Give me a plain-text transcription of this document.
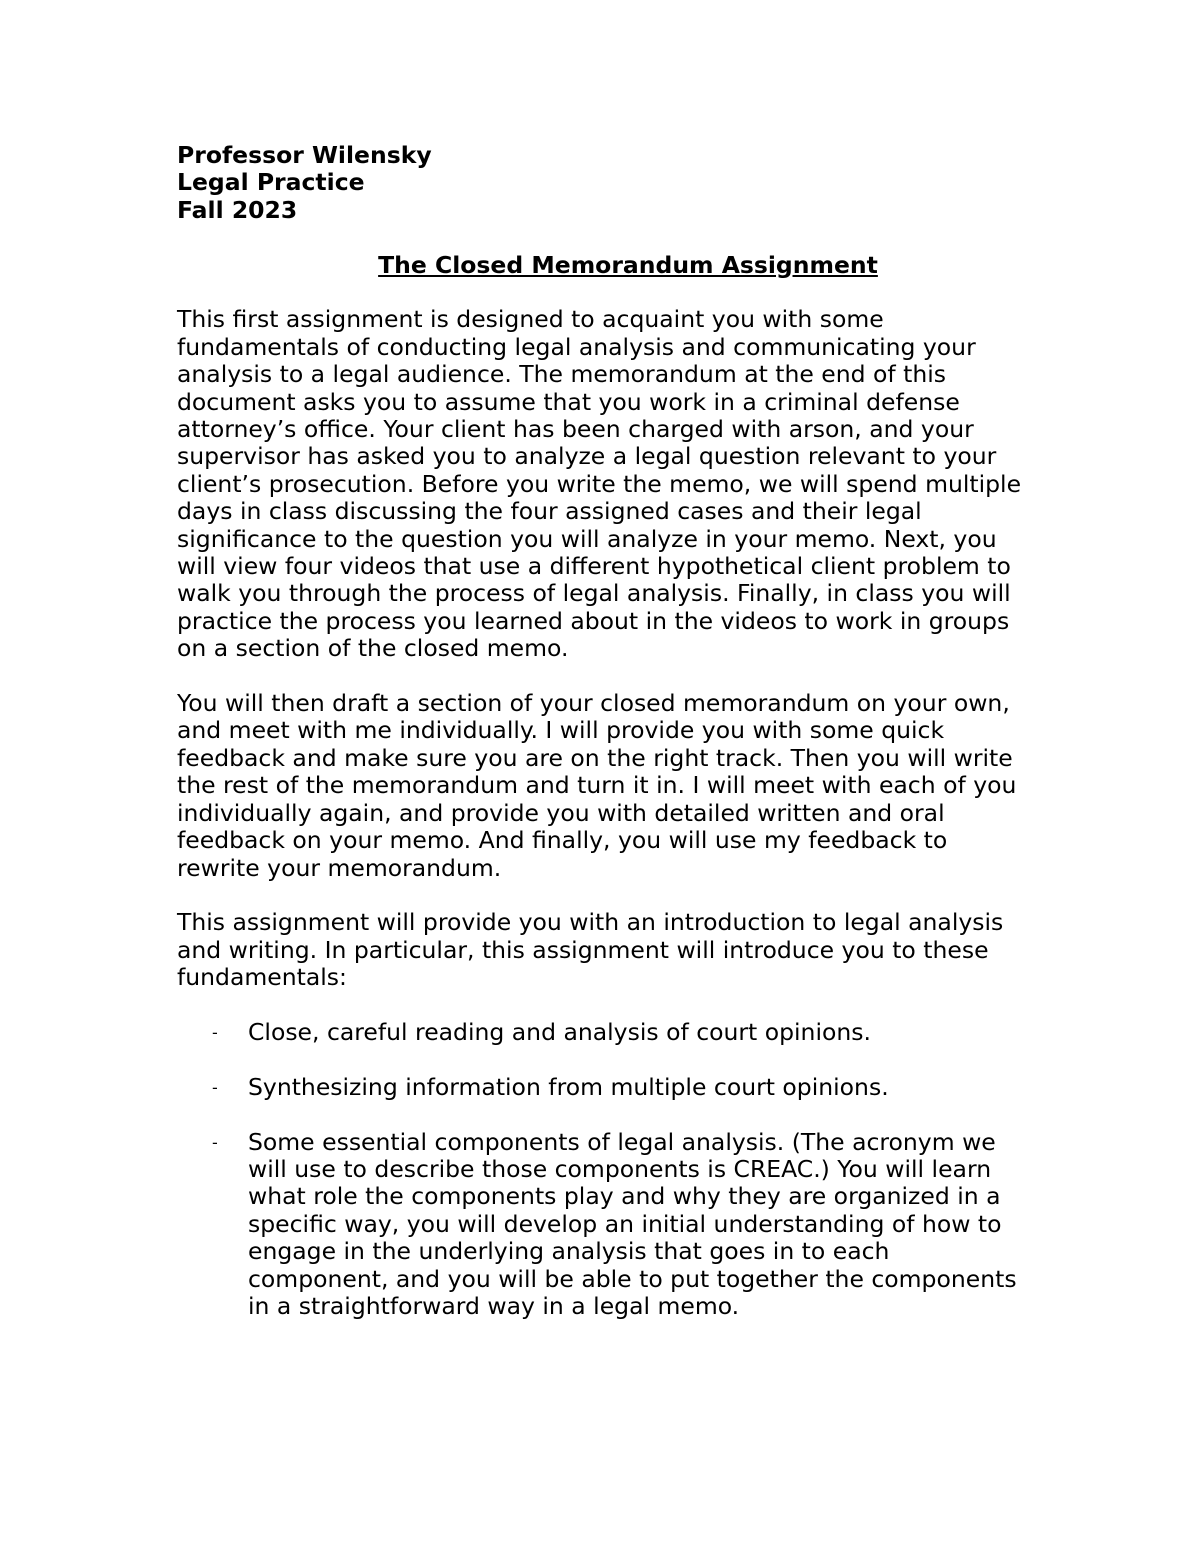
Professor Wilensky

Legal Practice

Fall 2023

The Closed Memorandum Assignment

This first assignment is designed to acquaint you with some
fundamentals of conducting legal analysis and communicating your
analysis to a legal audience. The memorandum at the end of this
document asks you to assume that you work in a criminal defense
attorney’s office. Your client has been charged with arson, and your
supervisor has asked you to analyze a legal question relevant to your
client’s prosecution. Before you write the memo, we will spend multiple
days in class discussing the four assigned cases and their legal
significance to the question you will analyze in your memo. Next, you
will view four videos that use a different hypothetical client problem to
walk you through the process of legal analysis. Finally, in class you will
practice the process you learned about in the videos to work in groups
on a section of the closed memo.

You will then draft a section of your closed memorandum on your own,
and meet with me individually. I will provide you with some quick
feedback and make sure you are on the right track. Then you will write
the rest of the memorandum and turn it in. I will meet with each of you
individually again, and provide you with detailed written and oral
feedback on your memo. And finally, you will use my feedback to
rewrite your memorandum.

This assignment will provide you with an introduction to legal analysis
and writing. In particular, this assignment will introduce you to these
fundamentals:

- Close, careful reading and analysis of court opinions.
- Synthesizing information from multiple court opinions.
- Some essential components of legal analysis. (The acronym we
will use to describe those components is CREAC.) You will learn
what role the components play and why they are organized in a
specific way, you will develop an initial understanding of how to
engage in the underlying analysis that goes in to each
component, and you will be able to put together the components
in a straightforward way in a legal memo.
